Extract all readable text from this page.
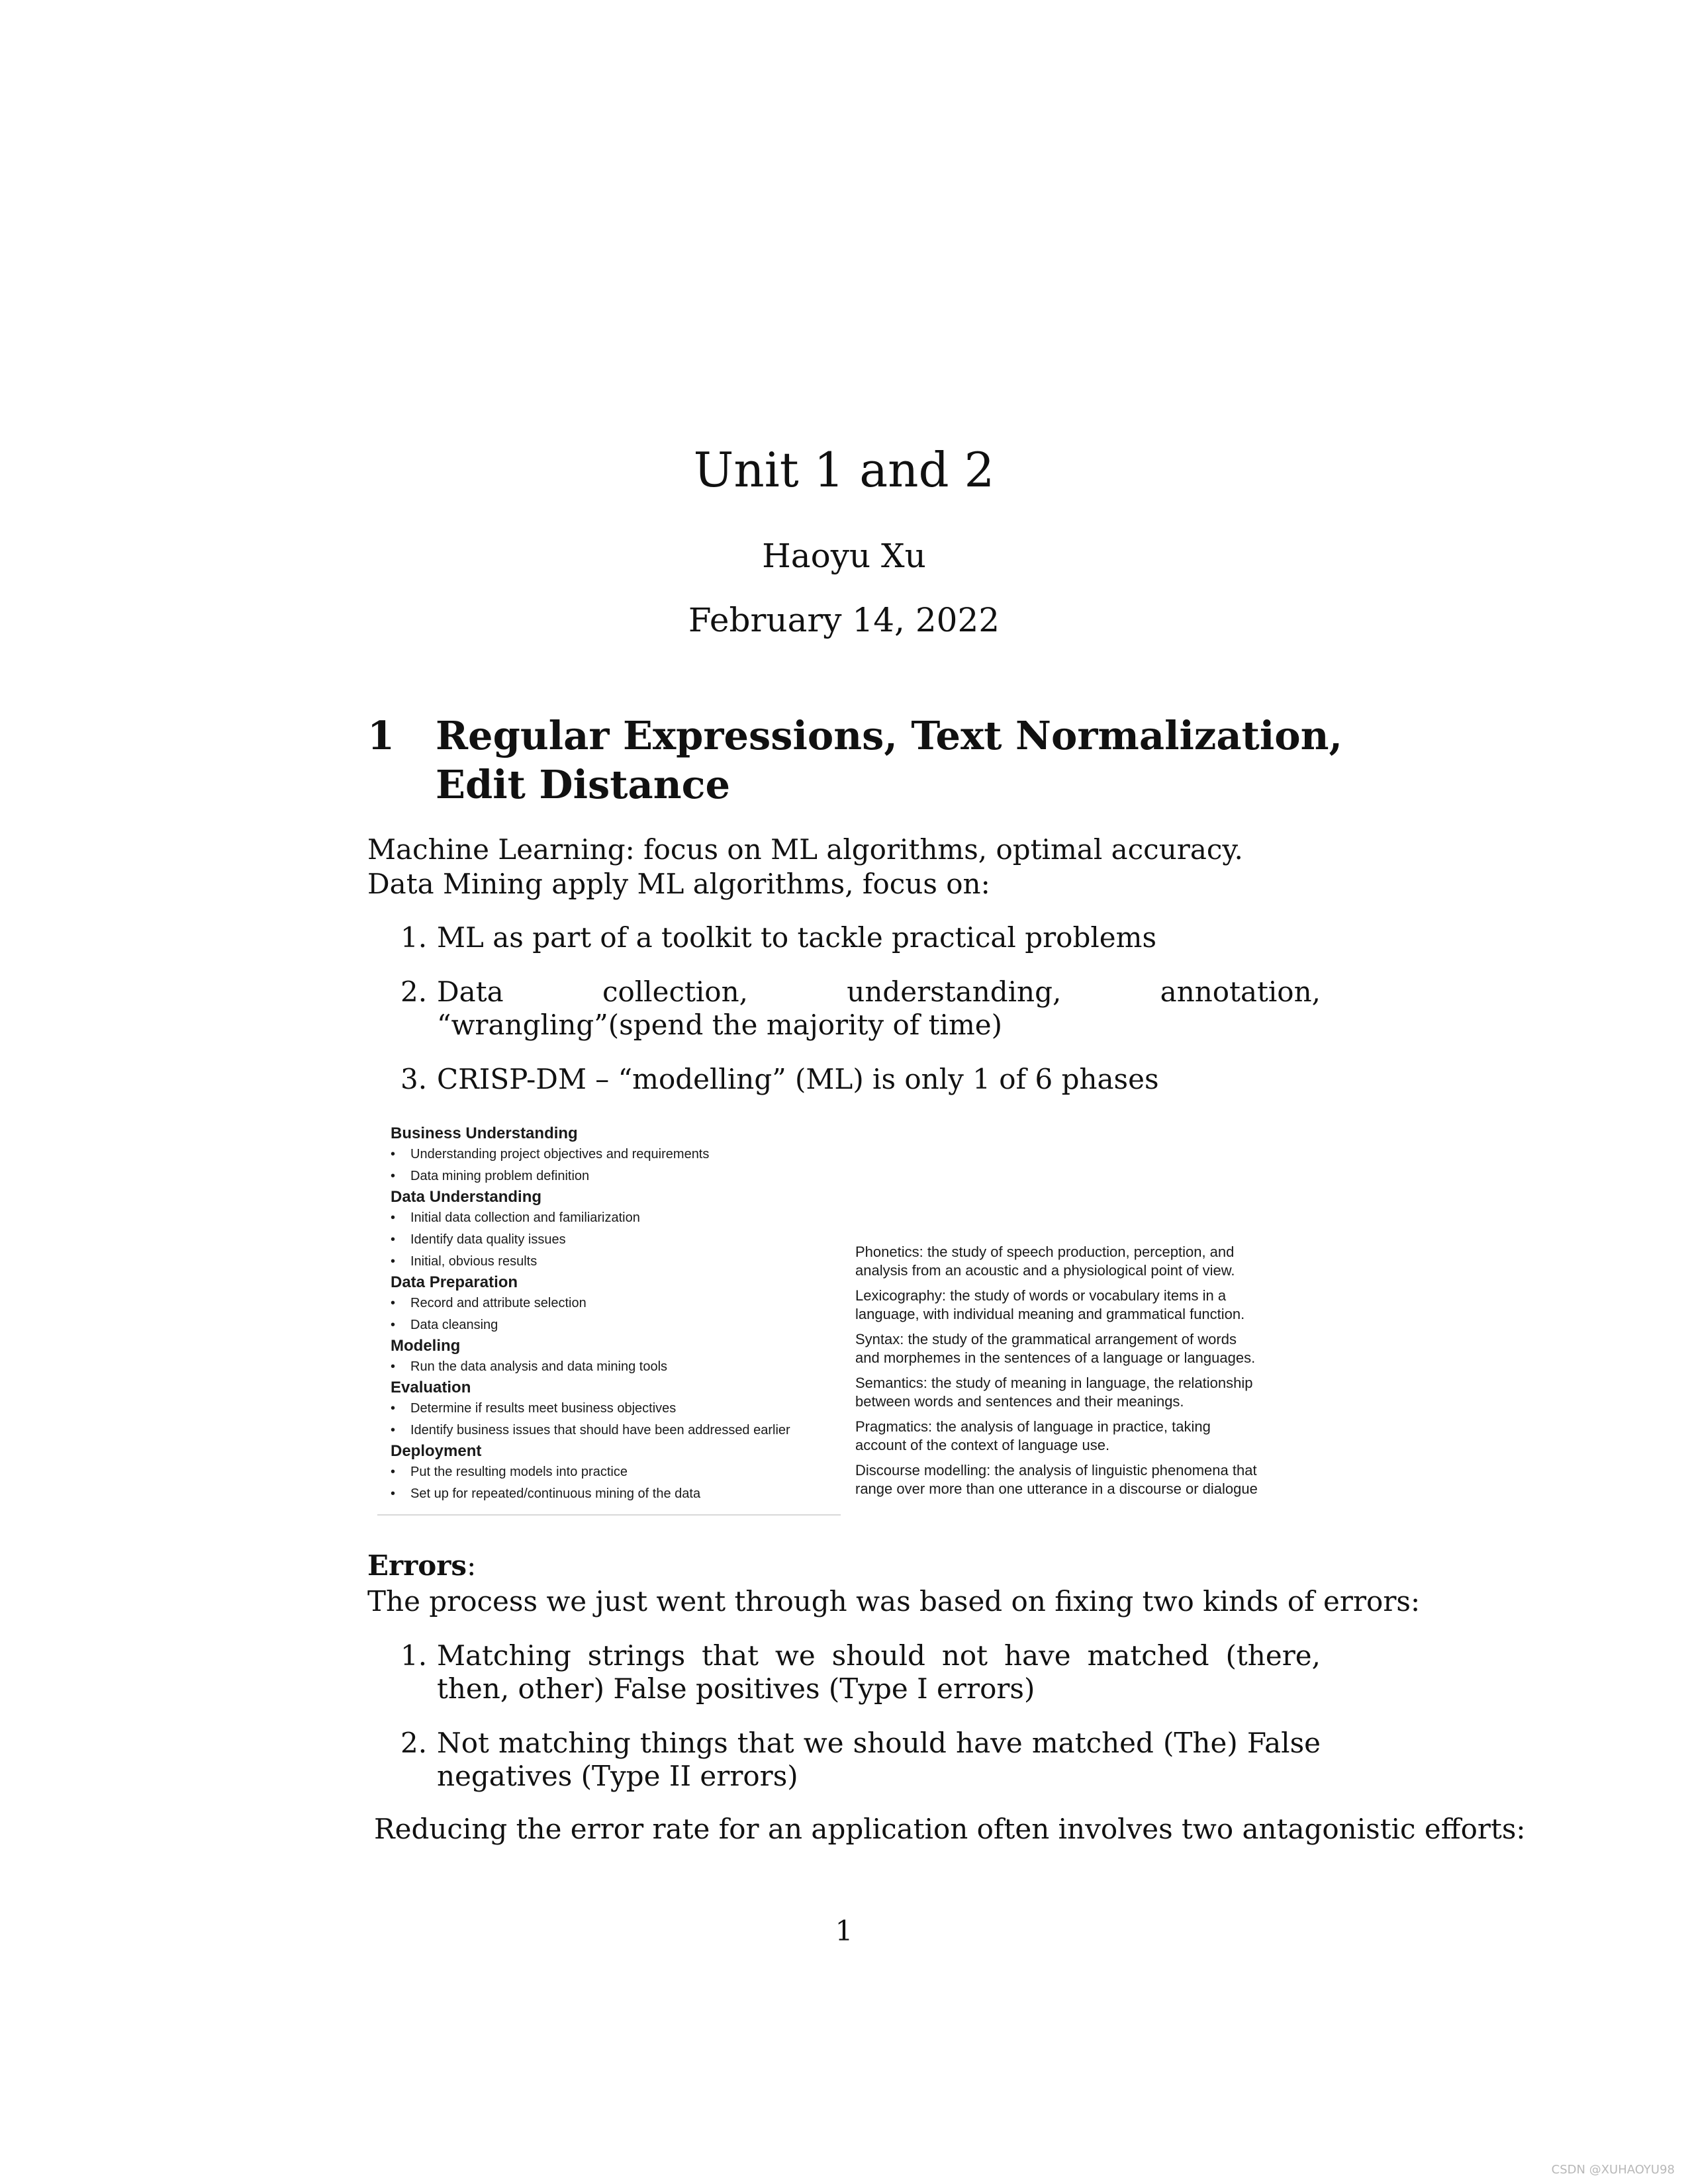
Unit 1 and 2
Haoyu Xu
February 14, 2022
1 Regular Expressions, Text Normalization, Edit Distance
Machine Learning: focus on ML algorithms, optimal accuracy.
Data Mining apply ML algorithms, focus on:
1. ML as part of a toolkit to tackle practical problems
2. Data collection, understanding, annotation, “wrangling”(spend the majority of time)
3. CRISP-DM – “modelling” (ML) is only 1 of 6 phases
Business Understanding
• Understanding project objectives and requirements
• Data mining problem definition
Data Understanding
• Initial data collection and familiarization
• Identify data quality issues
• Initial, obvious results
Data Preparation
• Record and attribute selection
• Data cleansing
Modeling
• Run the data analysis and data mining tools
Evaluation
• Determine if results meet business objectives
• Identify business issues that should have been addressed earlier
Deployment
• Put the resulting models into practice
• Set up for repeated/continuous mining of the data

Phonetics: the study of speech production, perception, and
analysis from an acoustic and a physiological point of view.

Lexicography: the study of words or vocabulary items in a
language, with individual meaning and grammatical function.

Syntax: the study of the grammatical arrangement of words
and morphemes in the sentences of a language or languages.

Semantics: the study of meaning in language, the relationship
between words and sentences and their meanings.

Pragmatics: the analysis of language in practice, taking
account of the context of language use.

Discourse modelling: the analysis of linguistic phenomena that
range over more than one utterance in a discourse or dialogue

Errors:
The process we just went through was based on fixing two kinds of errors:
1. Matching strings that we should not have matched (there, then, other) False positives (Type I errors)
2. Not matching things that we should have matched (The) False negatives (Type II errors)
Reducing the error rate for an application often involves two antagonistic efforts:
1
CSDN @XUHAOYU98
